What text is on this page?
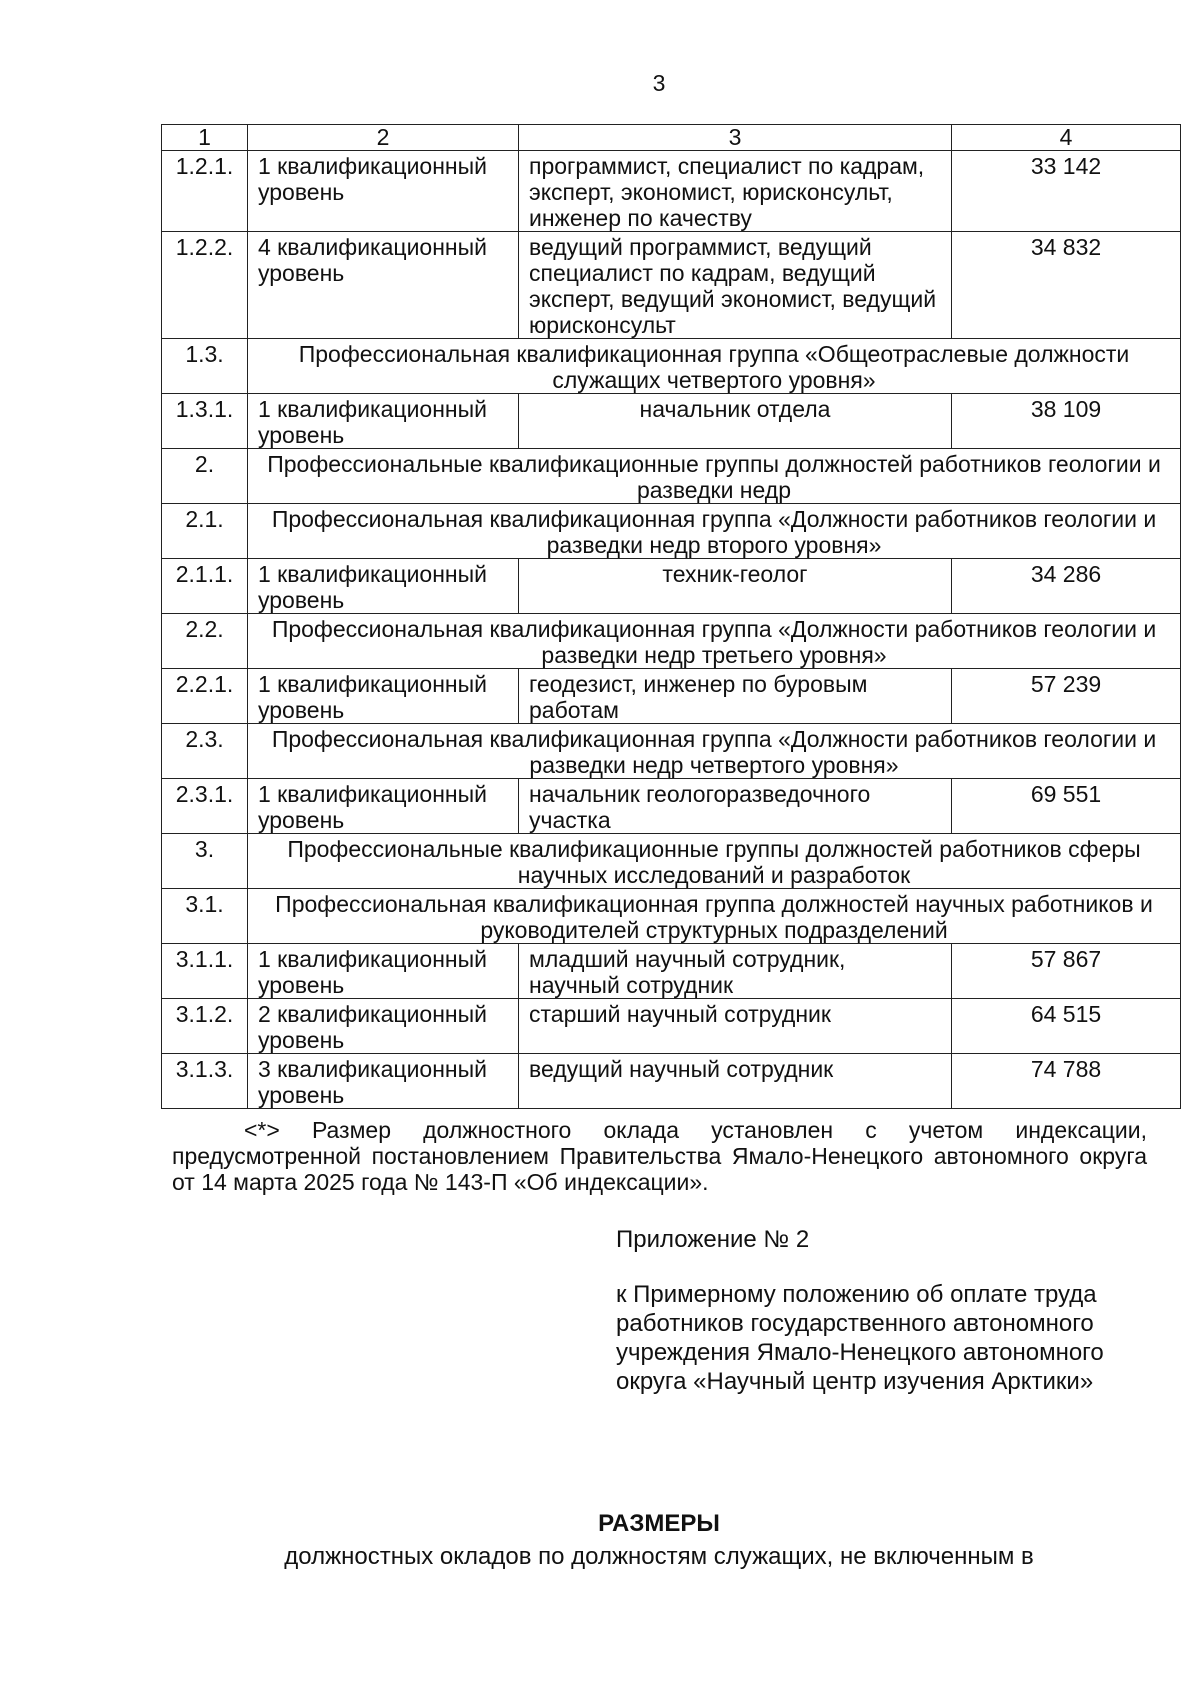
3
1	2	3	4
1.2.1.	1 квалификационный уровень	программист, специалист по кадрам, эксперт, экономист, юрисконсульт, инженер по качеству	33 142
1.2.2.	4 квалификационный уровень	ведущий программист, ведущий специалист по кадрам, ведущий эксперт, ведущий экономист, ведущий юрисконсульт	34 832
1.3.	Профессиональная квалификационная группа «Общеотраслевые должности служащих четвертого уровня»		
1.3.1.	1 квалификационный уровень	начальник отдела	38 109
2.	Профессиональные квалификационные группы должностей работников геологии и разведки недр		
2.1.	Профессиональная квалификационная группа «Должности работников геологии и разведки недр второго уровня»		
2.1.1.	1 квалификационный уровень	техник-геолог	34 286
2.2.	Профессиональная квалификационная группа «Должности работников геологии и разведки недр третьего уровня»		
2.2.1.	1 квалификационный уровень	геодезист, инженер по буровым работам	57 239
2.3.	Профессиональная квалификационная группа «Должности работников геологии и разведки недр четвертого уровня»		
2.3.1.	1 квалификационный уровень	начальник геологоразведочного участка	69 551
3.	Профессиональные квалификационные группы должностей работников сферы научных исследований и разработок		
3.1.	Профессиональная квалификационная группа должностей научных работников и руководителей структурных подразделений		
3.1.1.	1 квалификационный уровень	младший научный сотрудник, научный сотрудник	57 867
3.1.2.	2 квалификационный уровень	старший научный сотрудник	64 515
3.1.3.	3 квалификационный уровень	ведущий научный сотрудник	74 788
<*> Размер должностного оклада установлен с учетом индексации, предусмотренной постановлением Правительства Ямало-Ненецкого автономного округа от 14 марта 2025 года № 143-П «Об индексации».

Приложение № 2

к Примерному положению об оплате труда работников государственного автономного учреждения Ямало-Ненецкого автономного округа «Научный центр изучения Арктики»

РАЗМЕРЫ
должностных окладов по должностям служащих, не включенным в
